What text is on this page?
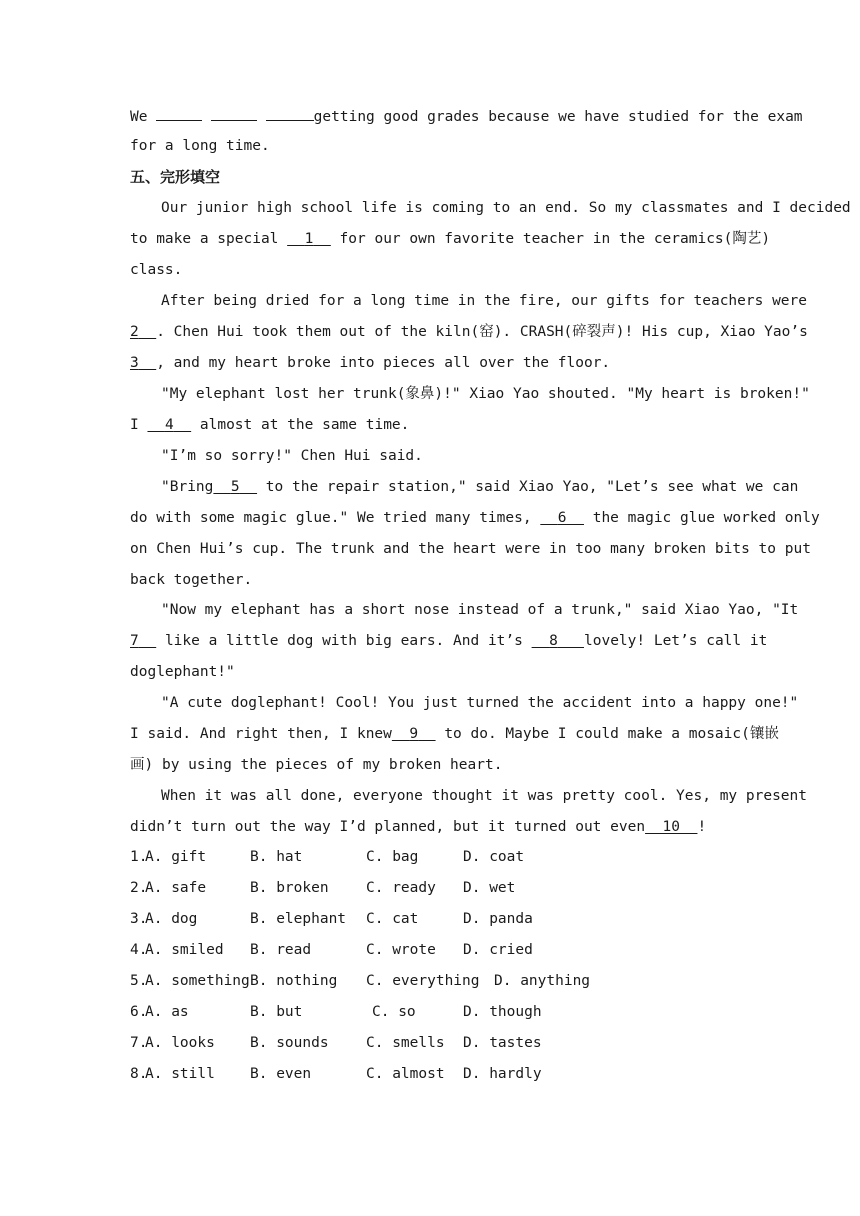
We	getting good grades because we have studied for the exam
for a long time.
五、完形填空
Our junior high school life is coming to an end. So my classmates and I decided
to make a special 1 for our own favorite teacher in the ceramics(陶艺)
class.
After being dried for a long time in the fire, our gifts for teachers were
2 . Chen Hui took them out of the kiln(窑). CRASH(碎裂声)! His cup, Xiao Yao’s
3 , and my heart broke into pieces all over the floor.
"My elephant lost her trunk(象鼻)!" Xiao Yao shouted. "My heart is broken!"
I 4 almost at the same time.
"I’m so sorry!" Chen Hui said.
"Bring 5 to the repair station," said Xiao Yao, "Let’s see what we can
do with some magic glue." We tried many times, 6 the magic glue worked only
on Chen Hui’s cup. The trunk and the heart were in too many broken bits to put
back together.
"Now my elephant has a short nose instead of a trunk," said Xiao Yao, "It
7 like a little dog with big ears. And it’s 8 lovely! Let’s call it
doglephant!"
"A cute doglephant! Cool! You just turned the accident into a happy one!"
I said. And right then, I knew 9 to do. Maybe I could make a mosaic(镶嵌
画) by using the pieces of my broken heart.
When it was all done, everyone thought it was pretty cool. Yes, my present
didn’t turn out the way I’d planned, but it turned out even 10 !
1.
A. gift	B. hat	C. bag	D. coat
2.
A. safe	B. broken	C. ready D. wet
3.
A. dog	B. elephant C. cat	D. panda
4.
A. smiled B. read	C. wrote D. cried
5.
A. something B. nothing C. everything D. anything
6.
A. as	B. but	C. so	D. though
7.
A. looks B. sounds	C. smells D. tastes
8.
A. still B. even	C. almost D. hardly
